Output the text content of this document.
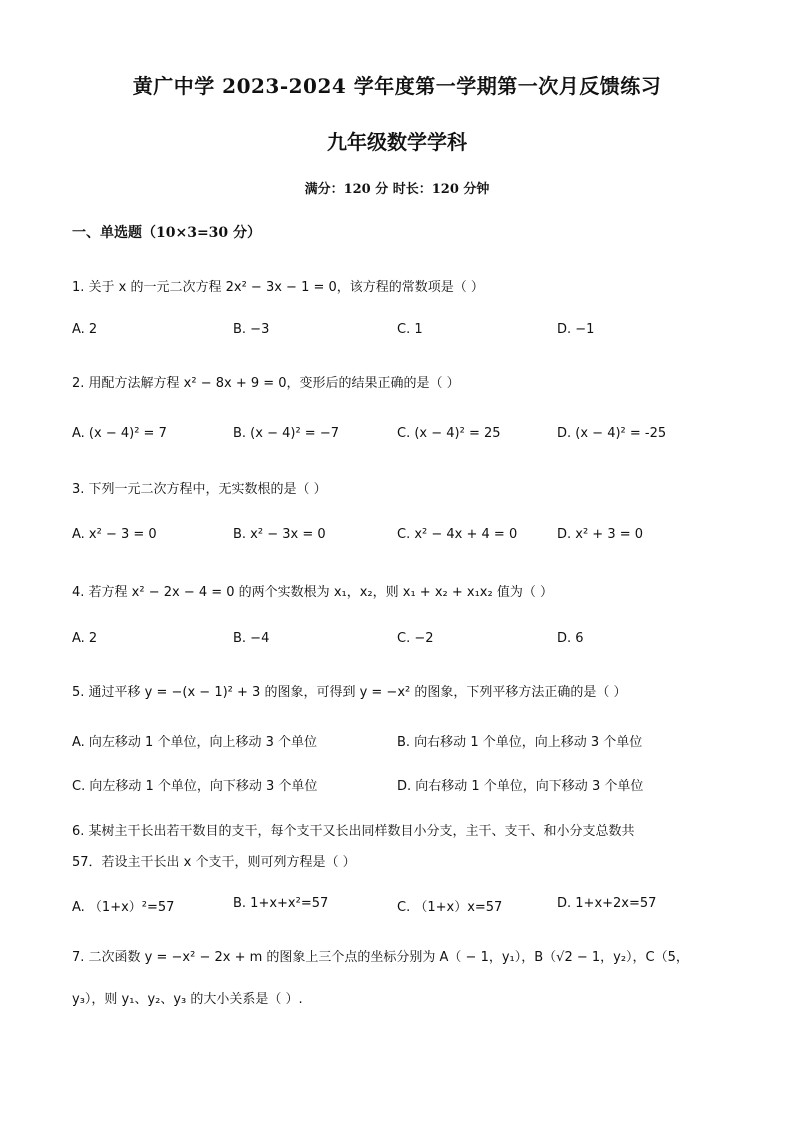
黄广中学 2023-2024 学年度第一学期第一次月反馈练习
九年级数学学科
满分：120 分 时长：120 分钟
一、单选题（10×3=30 分）
1. 关于 x 的一元二次方程 2x² − 3x − 1 = 0，该方程的常数项是（ ）
A. 2	B. −3	C. 1	D. −1
2. 用配方法解方程 x² − 8x + 9 = 0，变形后的结果正确的是（ ）
A. (x − 4)² = 7	B. (x − 4)² = −7	C. (x − 4)² = 25	D. (x − 4)² = -25
3. 下列一元二次方程中，无实数根的是（ ）
A. x² − 3 = 0	B. x² − 3x = 0	C. x² − 4x + 4 = 0	D. x² + 3 = 0
4. 若方程 x² − 2x − 4 = 0 的两个实数根为 x₁，x₂，则 x₁ + x₂ + x₁x₂ 值为（ ）
A. 2	B. −4	C. −2	D. 6
5. 通过平移 y = −(x − 1)² + 3 的图象，可得到 y = −x² 的图象，下列平移方法正确的是（ ）
A. 向左移动 1 个单位，向上移动 3 个单位	B. 向右移动 1 个单位，向上移动 3 个单位
C. 向左移动 1 个单位，向下移动 3 个单位	D. 向右移动 1 个单位，向下移动 3 个单位
6. 某树主干长出若干数目的支干，每个支干又长出同样数目小分支，主干、支干、和小分支总数共
57．若设主干长出 x 个支干，则可列方程是（ ）
A. （1+x）²=57	B. 1+x+x²=57	C. （1+x）x=57	D. 1+x+2x=57
7. 二次函数 y = −x² − 2x + m 的图象上三个点的坐标分别为 A（ − 1，y₁），B（√2 − 1，y₂），C（5，
y₃），则 y₁、y₂、y₃ 的大小关系是（ ）.
